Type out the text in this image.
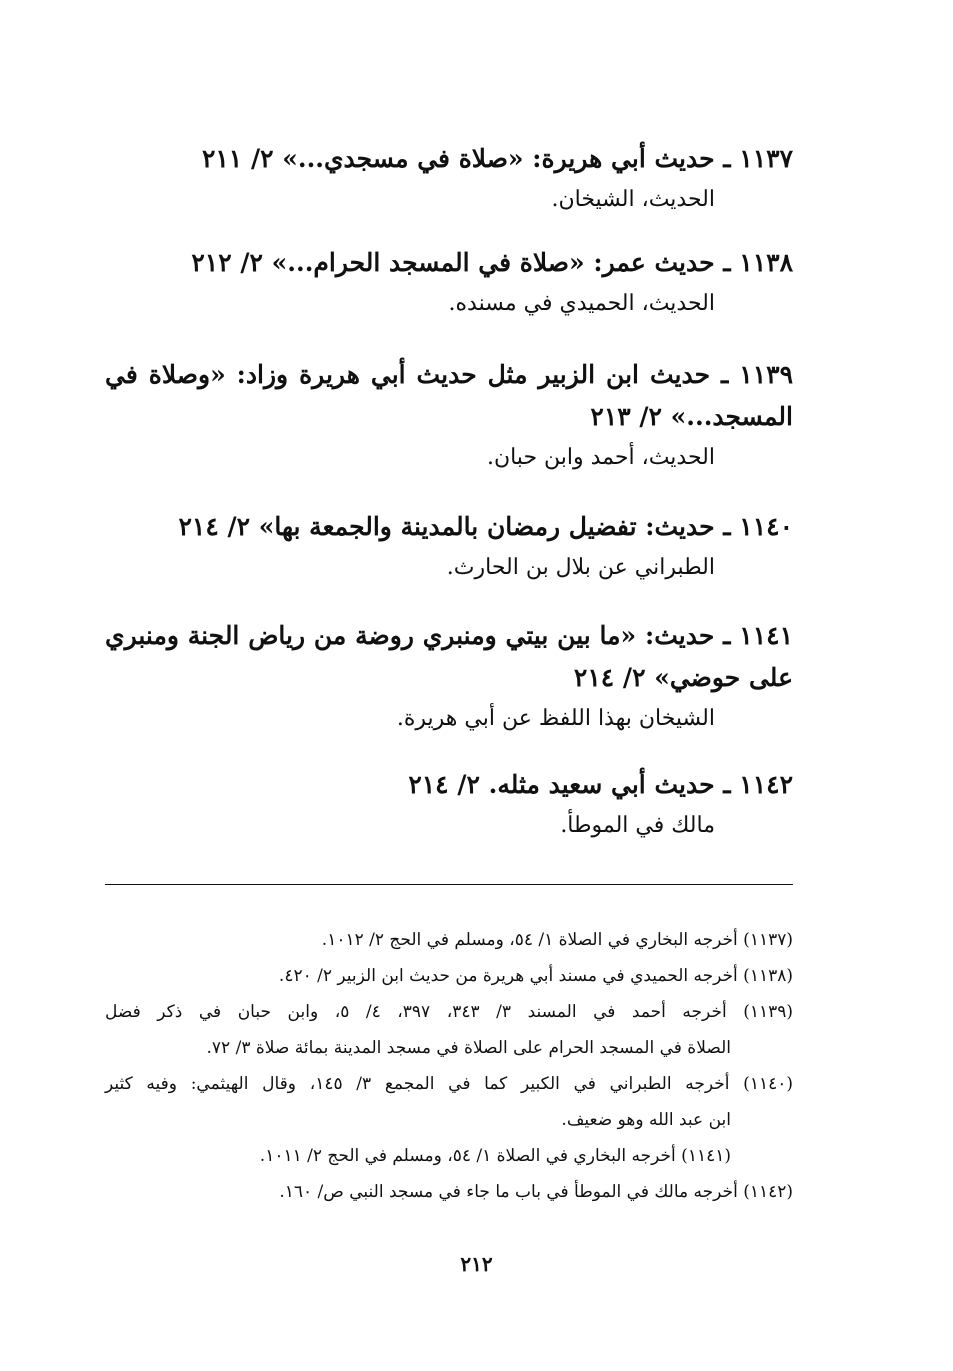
١١٣٧ ـ حديث أبي هريرة: «صلاة في مسجدي...» ٢/ ٢١١
الحديث، الشيخان.
١١٣٨ ـ حديث عمر: «صلاة في المسجد الحرام...» ٢/ ٢١٢
الحديث، الحميدي في مسنده.
١١٣٩ ـ حديث ابن الزبير مثل حديث أبي هريرة وزاد: «وصلاة في المسجد...» ٢/ ٢١٣
الحديث، أحمد وابن حبان.
١١٤٠ ـ حديث: تفضيل رمضان بالمدينة والجمعة بها» ٢/ ٢١٤
الطبراني عن بلال بن الحارث.
١١٤١ ـ حديث: «ما بين بيتي ومنبري روضة من رياض الجنة ومنبري على حوضي» ٢/ ٢١٤
الشيخان بهذا اللفظ عن أبي هريرة.
١١٤٢ ـ حديث أبي سعيد مثله. ٢/ ٢١٤
مالك في الموطأ.
(١١٣٧) أخرجه البخاري في الصلاة ١/ ٥٤، ومسلم في الحج ٢/ ١٠١٢.
(١١٣٨) أخرجه الحميدي في مسند أبي هريرة من حديث ابن الزبير ٢/ ٤٢٠.
(١١٣٩) أخرجه أحمد في المسند ٣/ ٣٤٣، ٣٩٧، ٤/ ٥، وابن حبان في ذكر فضل
الصلاة في المسجد الحرام على الصلاة في مسجد المدينة بمائة صلاة ٣/ ٧٢.
(١١٤٠) أخرجه الطبراني في الكبير كما في المجمع ٣/ ١٤٥، وقال الهيثمي: وفيه كثير
ابن عبد الله وهو ضعيف.
(١١٤١) أخرجه البخاري في الصلاة ١/ ٥٤، ومسلم في الحج ٢/ ١٠١١.
(١١٤٢) أخرجه مالك في الموطأ في باب ما جاء في مسجد النبي ص/ ١٦٠.
٢١٢
